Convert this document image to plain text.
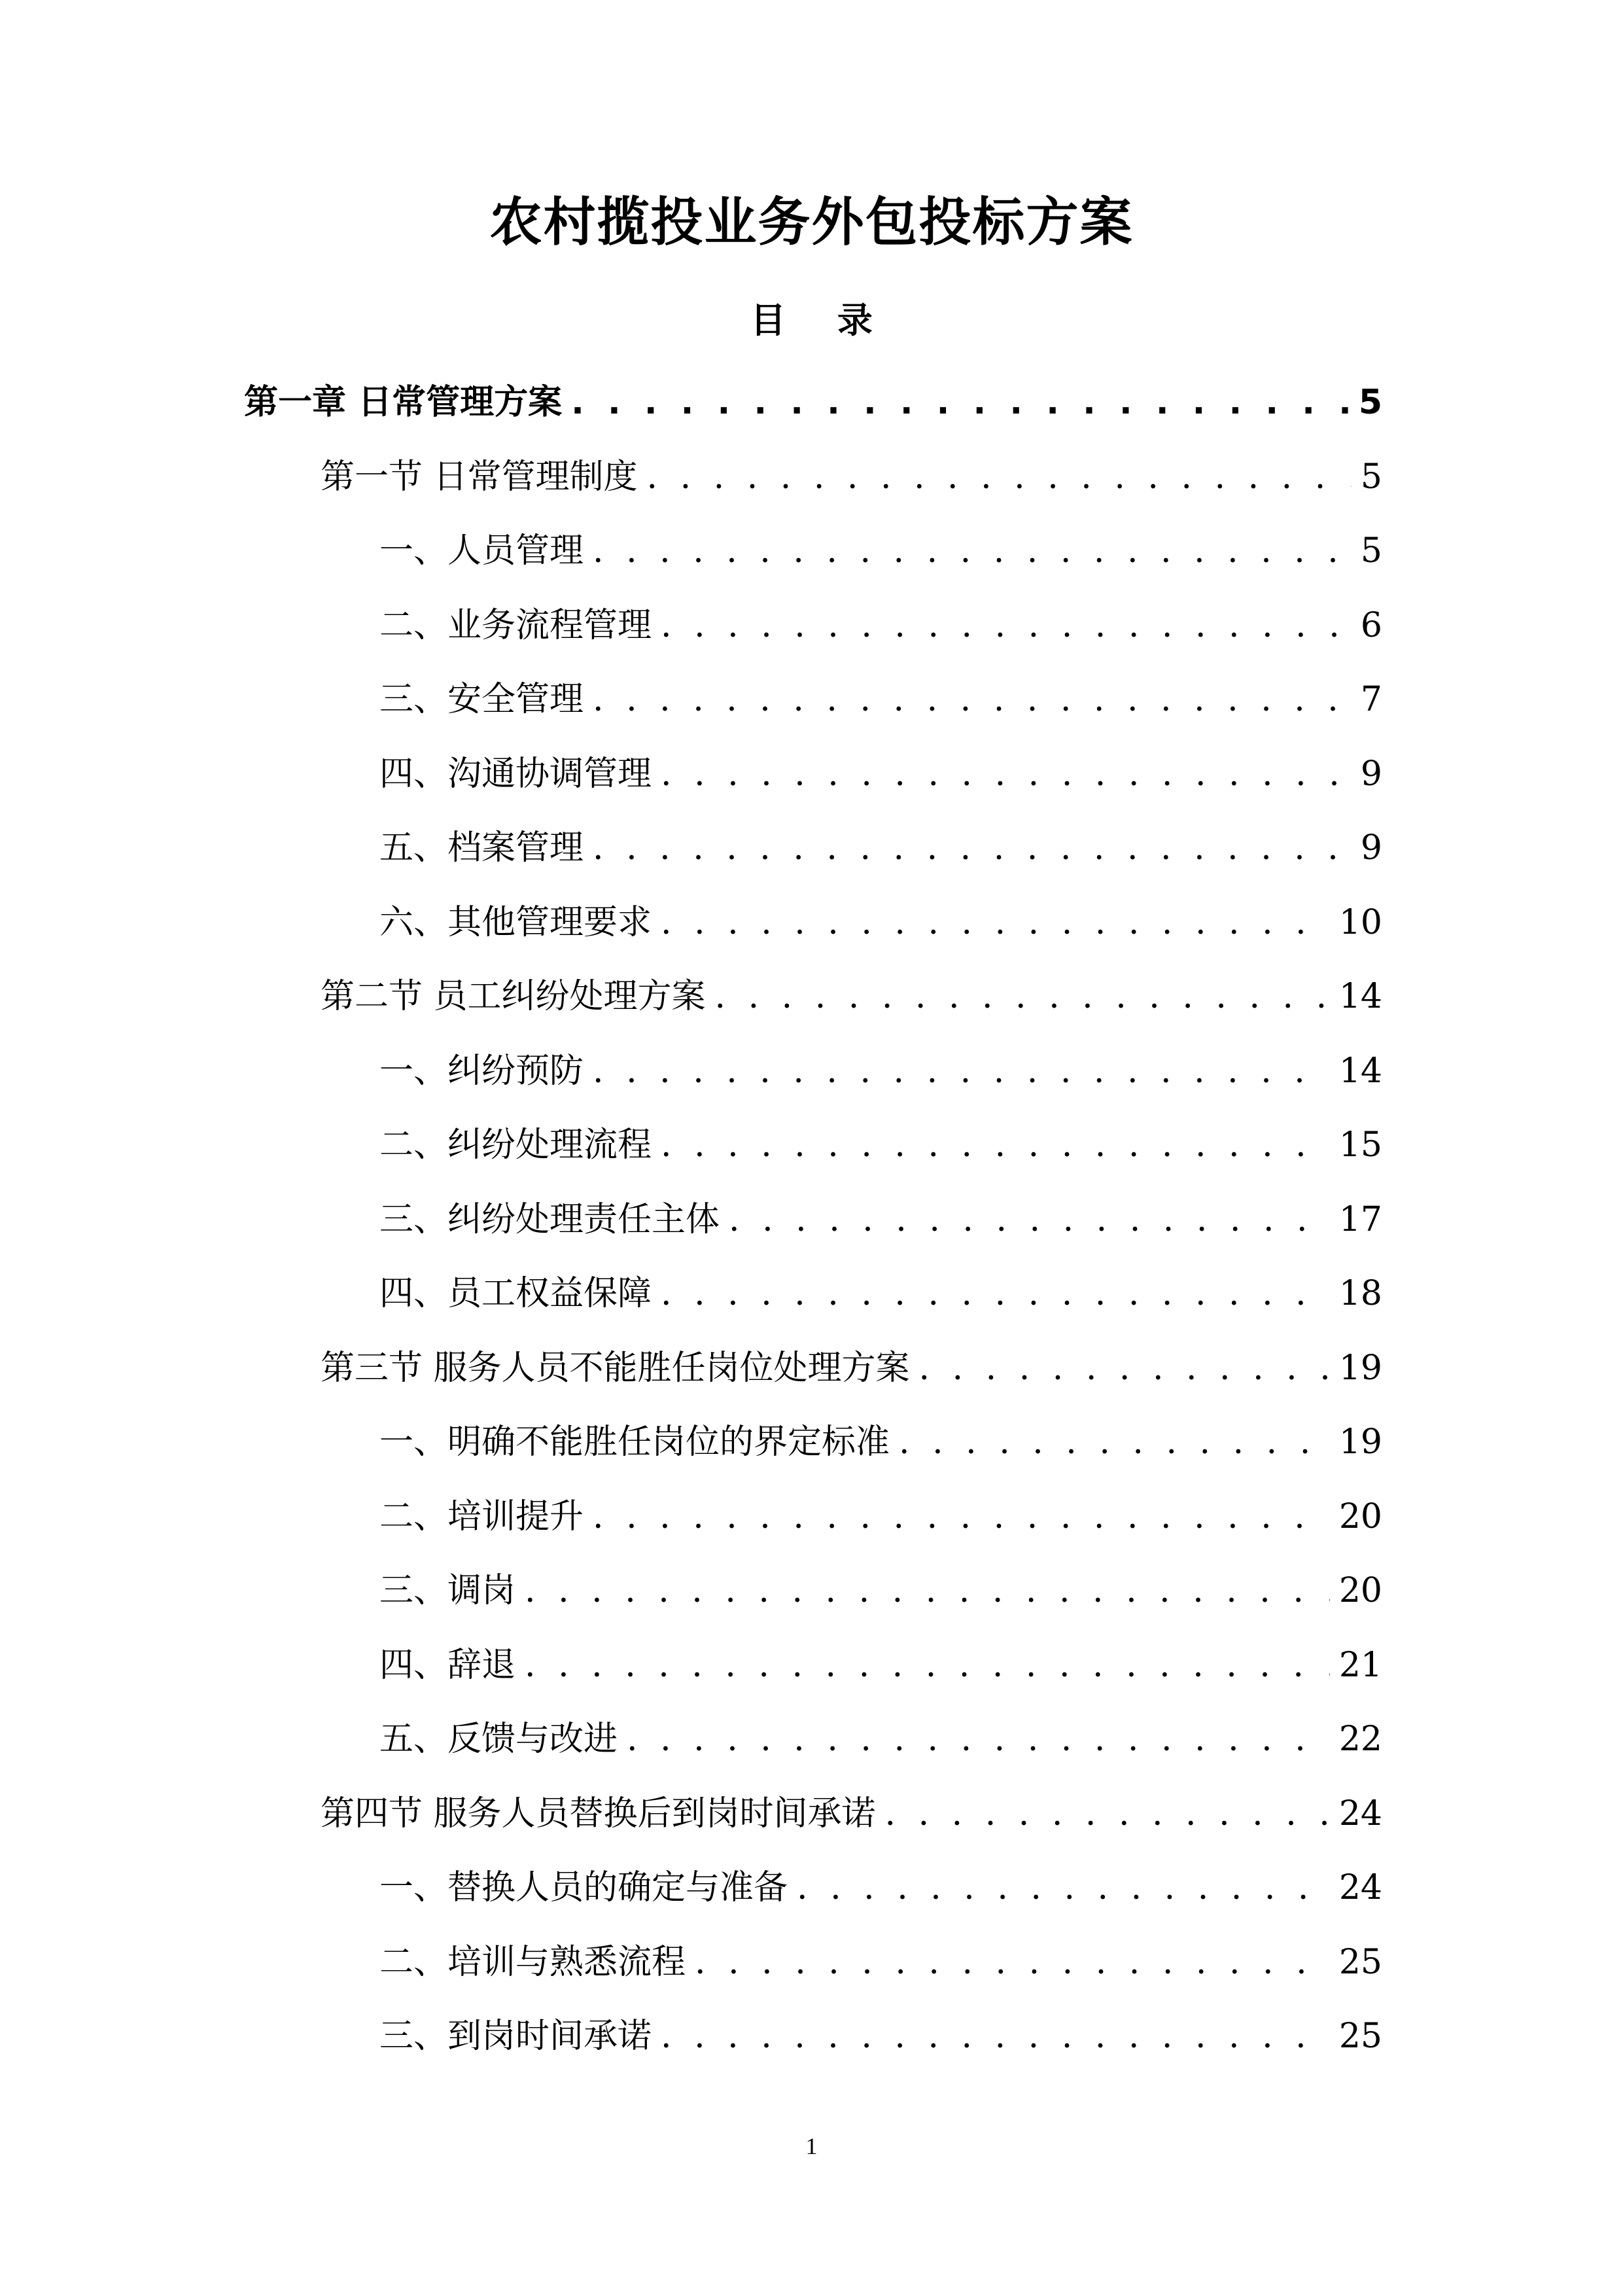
农村揽投业务外包投标方案
目 录
第一章 日常管理方案 . . .	5
第一节 日常管理制度 . . .	5
一、人员管理 . . .	5
二、业务流程管理 . . .	6
三、安全管理 . . .	7
四、沟通协调管理 . . .	9
五、档案管理 . . .	9
六、其他管理要求 . . .	10
第二节 员工纠纷处理方案 . . .	14
一、纠纷预防 . . .	14
二、纠纷处理流程 . . .	15
三、纠纷处理责任主体 . . .	17
四、员工权益保障 . . .	18
第三节 服务人员不能胜任岗位处理方案 . . .	19
一、明确不能胜任岗位的界定标准 . . .	19
二、培训提升 . . .	20
三、调岗 . . .	20
四、辞退 . . .	21
五、反馈与改进 . . .	22
第四节 服务人员替换后到岗时间承诺 . . .	24
一、替换人员的确定与准备 . . .	24
二、培训与熟悉流程 . . .	25
三、到岗时间承诺 . . .	25
1
